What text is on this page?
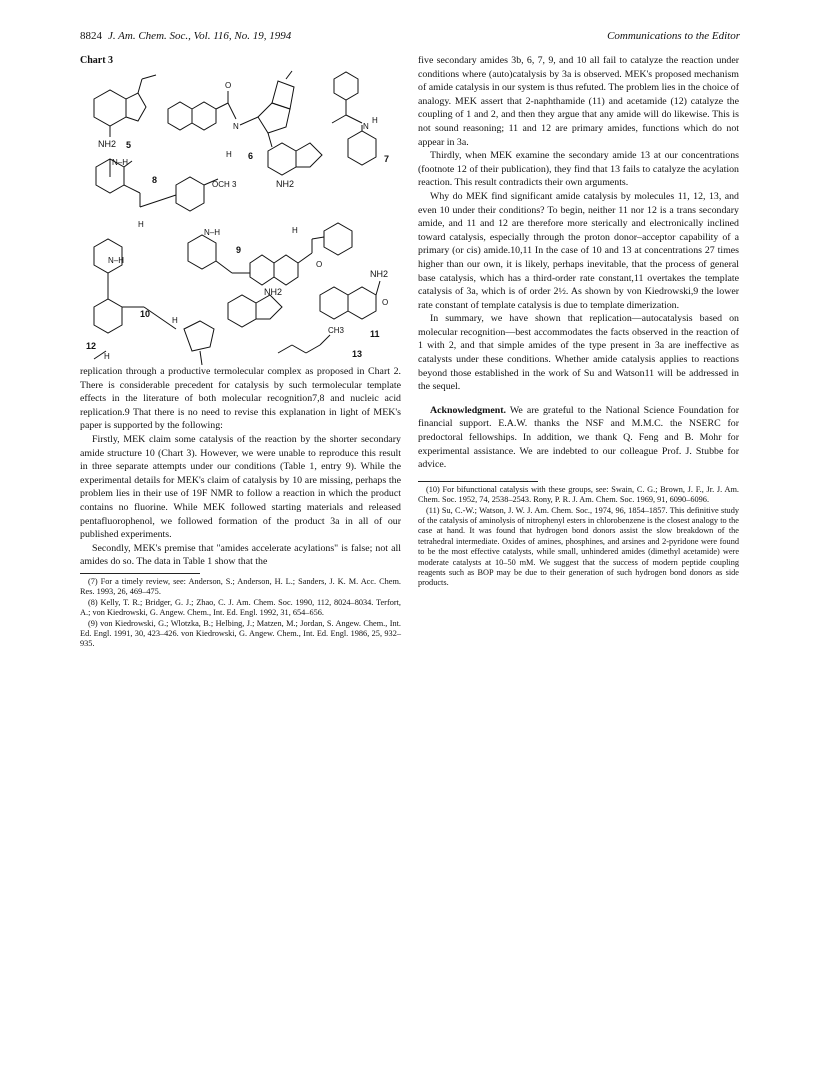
8824 J. Am. Chem. Soc., Vol. 116, No. 19, 1994	Communications to the Editor
Chart 3
NH2 5
O
N
H 6
NH2
N
H
7
N–H
8
H
OCH 3
N–H
9
H
O
N–H
10
H
NH2
NH2
O
11
12
H
CH3
13

replication through a productive termolecular complex as proposed in Chart 2. There is considerable precedent for catalysis by such termolecular template effects in the literature of both molecular recognition7,8 and nucleic acid replication.9 That there is no need to revise this explanation in light of MEK's paper is supported by the following:

Firstly, MEK claim some catalysis of the reaction by the shorter secondary amide structure 10 (Chart 3). However, we were unable to reproduce this result in three separate attempts under our conditions (Table 1, entry 9). While the experimental details for MEK's claim of catalysis by 10 are missing, perhaps the problem lies in their use of 19F NMR to follow a reaction in which the product contains no fluorine. While MEK followed starting materials and released pentafluorophenol, we followed formation of the product 3a in all of our published experiments.

Secondly, MEK's premise that "amides accelerate acylations" is false; not all amides do so. The data in Table 1 show that the

(7) For a timely review, see: Anderson, S.; Anderson, H. L.; Sanders, J. K. M. Acc. Chem. Res. 1993, 26, 469–475.

(8) Kelly, T. R.; Bridger, G. J.; Zhao, C. J. Am. Chem. Soc. 1990, 112, 8024–8034. Terfort, A.; von Kiedrowski, G. Angew. Chem., Int. Ed. Engl. 1992, 31, 654–656.

(9) von Kiedrowski, G.; Wlotzka, B.; Helbing, J.; Matzen, M.; Jordan, S. Angew. Chem., Int. Ed. Engl. 1991, 30, 423–426. von Kiedrowski, G. Angew. Chem., Int. Ed. Engl. 1986, 25, 932–935.

five secondary amides 3b, 6, 7, 9, and 10 all fail to catalyze the reaction under conditions where (auto)catalysis by 3a is observed. MEK's proposed mechanism of amide catalysis in our system is thus refuted. The problem lies in the choice of analogy. MEK assert that 2-naphthamide (11) and acetamide (12) catalyze the coupling of 1 and 2, and then they argue that any amide will do likewise. This is not sound reasoning; 11 and 12 are primary amides, functions which do not appear in 3a.

Thirdly, when MEK examine the secondary amide 13 at our concentrations (footnote 12 of their publication), they find that 13 fails to catalyze the acylation reaction. This result contradicts their own arguments.

Why do MEK find significant amide catalysis by molecules 11, 12, 13, and even 10 under their conditions? To begin, neither 11 nor 12 is a trans secondary amide, and 11 and 12 are therefore more sterically and electronically inclined toward catalysis, especially through the proton donor–acceptor capability of a primary (or cis) amide.10,11 In the case of 10 and 13 at concentrations 27 times higher than our own, it is likely, perhaps inevitable, that the process of general base catalysis, which has a third-order rate constant,11 overtakes the template catalysis of 3a, which is of order 2½. As shown by von Kiedrowski,9 the lower rate constant of template catalysis is due to template dimerization.

In summary, we have shown that replication—autocatalysis based on molecular recognition—best accommodates the facts observed in the reaction of 1 with 2, and that simple amides of the type present in 3a are ineffective as catalysts under these conditions. Whether amide catalysis applies to reactions beyond those established in the work of Su and Watson11 will be addressed in the sequel.

Acknowledgment. We are grateful to the National Science Foundation for financial support. E.A.W. thanks the NSF and M.M.C. the NSERC for predoctoral fellowships. In addition, we thank Q. Feng and B. Mohr for experimental assistance. We are indebted to our colleague Prof. J. Stubbe for advice.

(10) For bifunctional catalysis with these groups, see: Swain, C. G.; Brown, J. F., Jr. J. Am. Chem. Soc. 1952, 74, 2538–2543. Rony, P. R. J. Am. Chem. Soc. 1969, 91, 6090–6096.

(11) Su, C.-W.; Watson, J. W. J. Am. Chem. Soc., 1974, 96, 1854–1857. This definitive study of the catalysis of aminolysis of nitrophenyl esters in chlorobenzene is the closest analogy to the case at hand. It was found that hydrogen bond donors assist the slow breakdown of the tetrahedral intermediate. Oxides of amines, phosphines, and arsines and 2-pyridone were found to be the most effective catalysts, while small, unhindered amides (dimethyl acetamide) were moderate catalysts at 10–50 mM. We suggest that the success of modern peptide coupling reagents such as BOP may be due to their generation of such hydrogen bond donors as side products.
